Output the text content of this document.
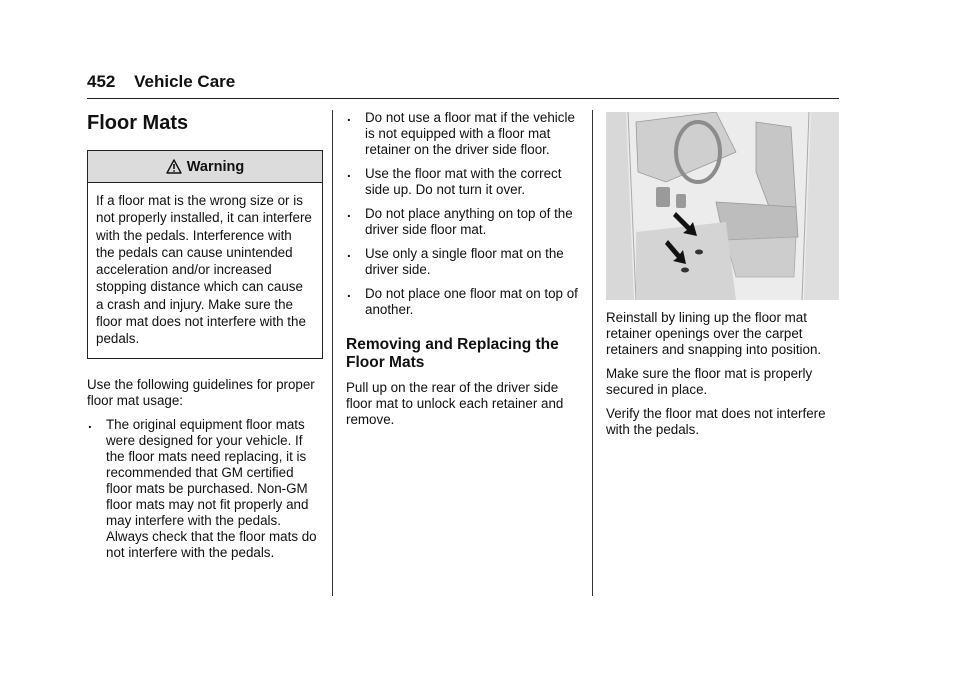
452 Vehicle Care
Floor Mats
Warning
If a floor mat is the wrong size or is not properly installed, it can interfere with the pedals. Interference with the pedals can cause unintended acceleration and/or increased stopping distance which can cause a crash and injury. Make sure the floor mat does not interfere with the pedals.

Use the following guidelines for proper floor mat usage:

. The original equipment floor mats were designed for your vehicle. If the floor mats need replacing, it is recommended that GM certified floor mats be purchased. Non-GM floor mats may not fit properly and may interfere with the pedals. Always check that the floor mats do not interfere with the pedals.
. Do not use a floor mat if the vehicle is not equipped with a floor mat retainer on the driver side floor.
. Use the floor mat with the correct side up. Do not turn it over.
. Do not place anything on top of the driver side floor mat.
. Use only a single floor mat on the driver side.
. Do not place one floor mat on top of another.
Removing and Replacing the Floor Mats

Pull up on the rear of the driver side floor mat to unlock each retainer and remove.

Reinstall by lining up the floor mat retainer openings over the carpet retainers and snapping into position.

Make sure the floor mat is properly secured in place.

Verify the floor mat does not interfere with the pedals.
